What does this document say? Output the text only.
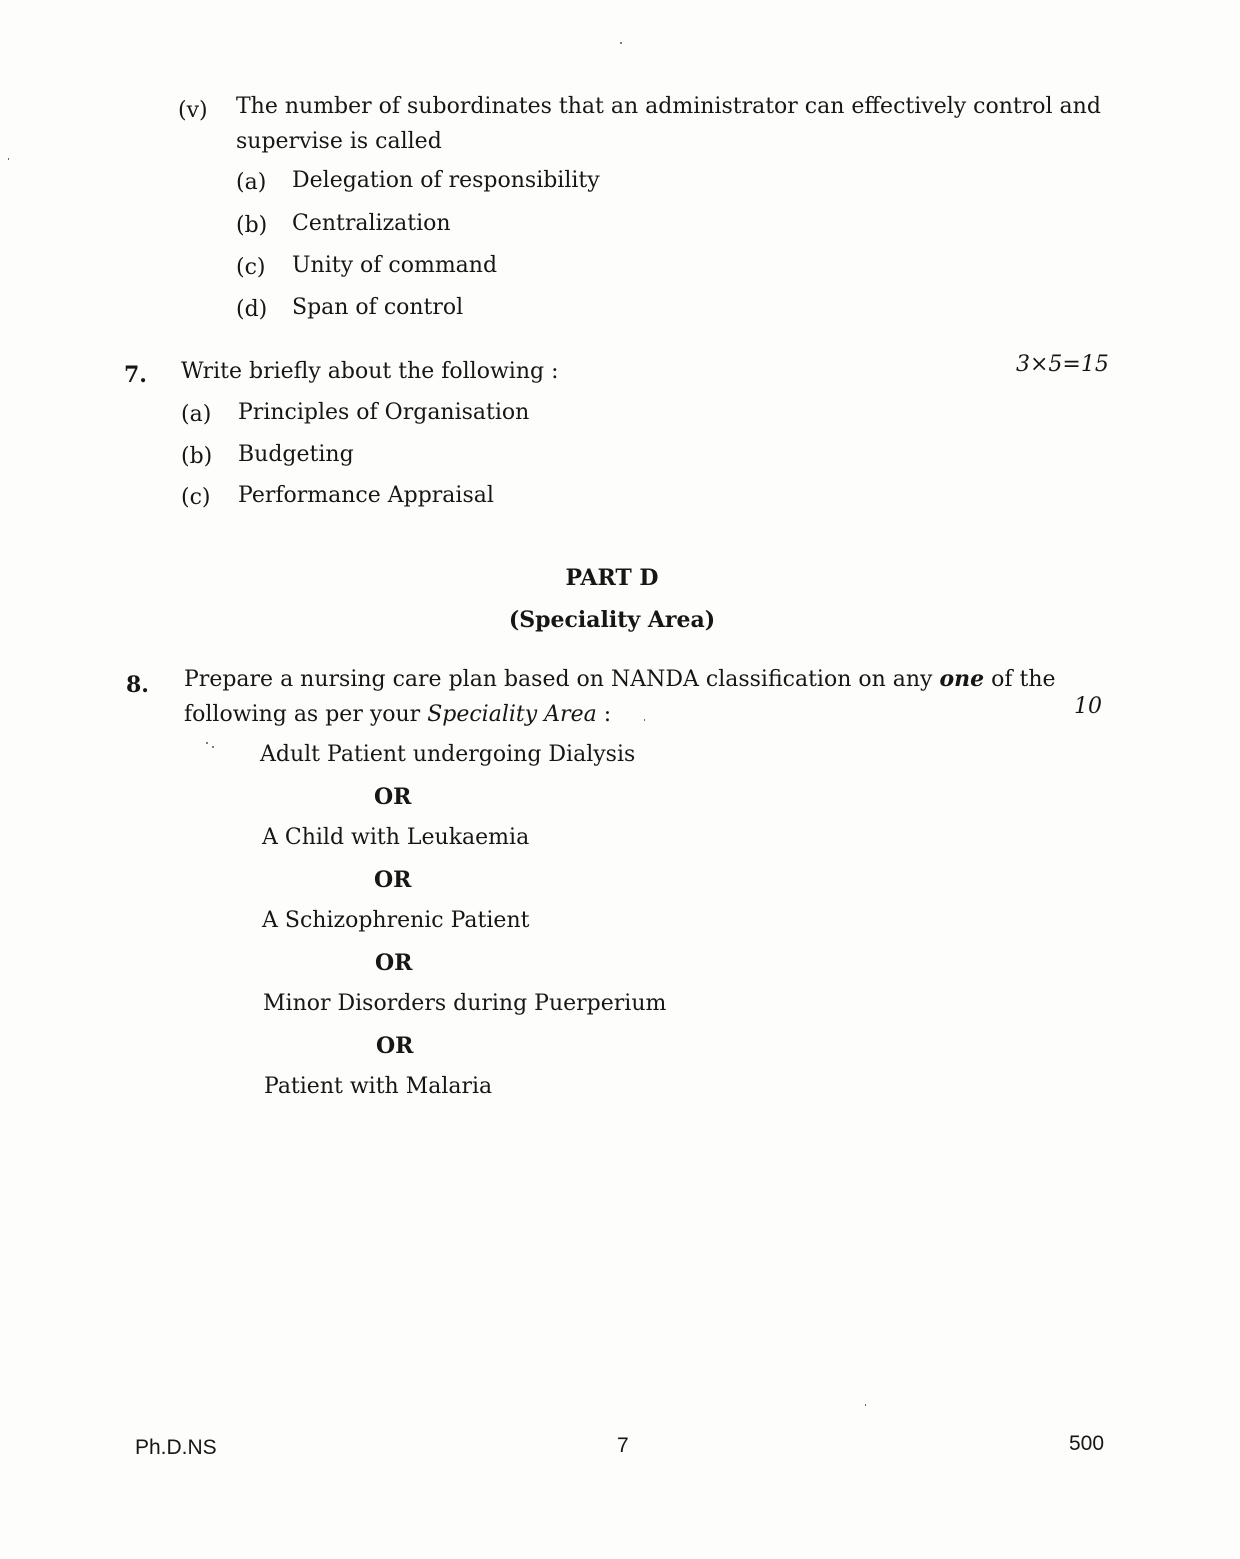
(v) The number of subordinates that an administrator can effectively control and
supervise is called
(a) Delegation of responsibility
(b) Centralization
(c) Unity of command
(d) Span of control
7. Write briefly about the following :	3×5=15
(a) Principles of Organisation
(b) Budgeting
(c) Performance Appraisal
PART D
(Speciality Area)
8. Prepare a nursing care plan based on NANDA classification on any one of the
following as per your Speciality Area :	10
Adult Patient undergoing Dialysis
OR
A Child with Leukaemia
OR
A Schizophrenic Patient
OR
Minor Disorders during Puerperium
OR
Patient with Malaria
Ph.D.NS	7	500
